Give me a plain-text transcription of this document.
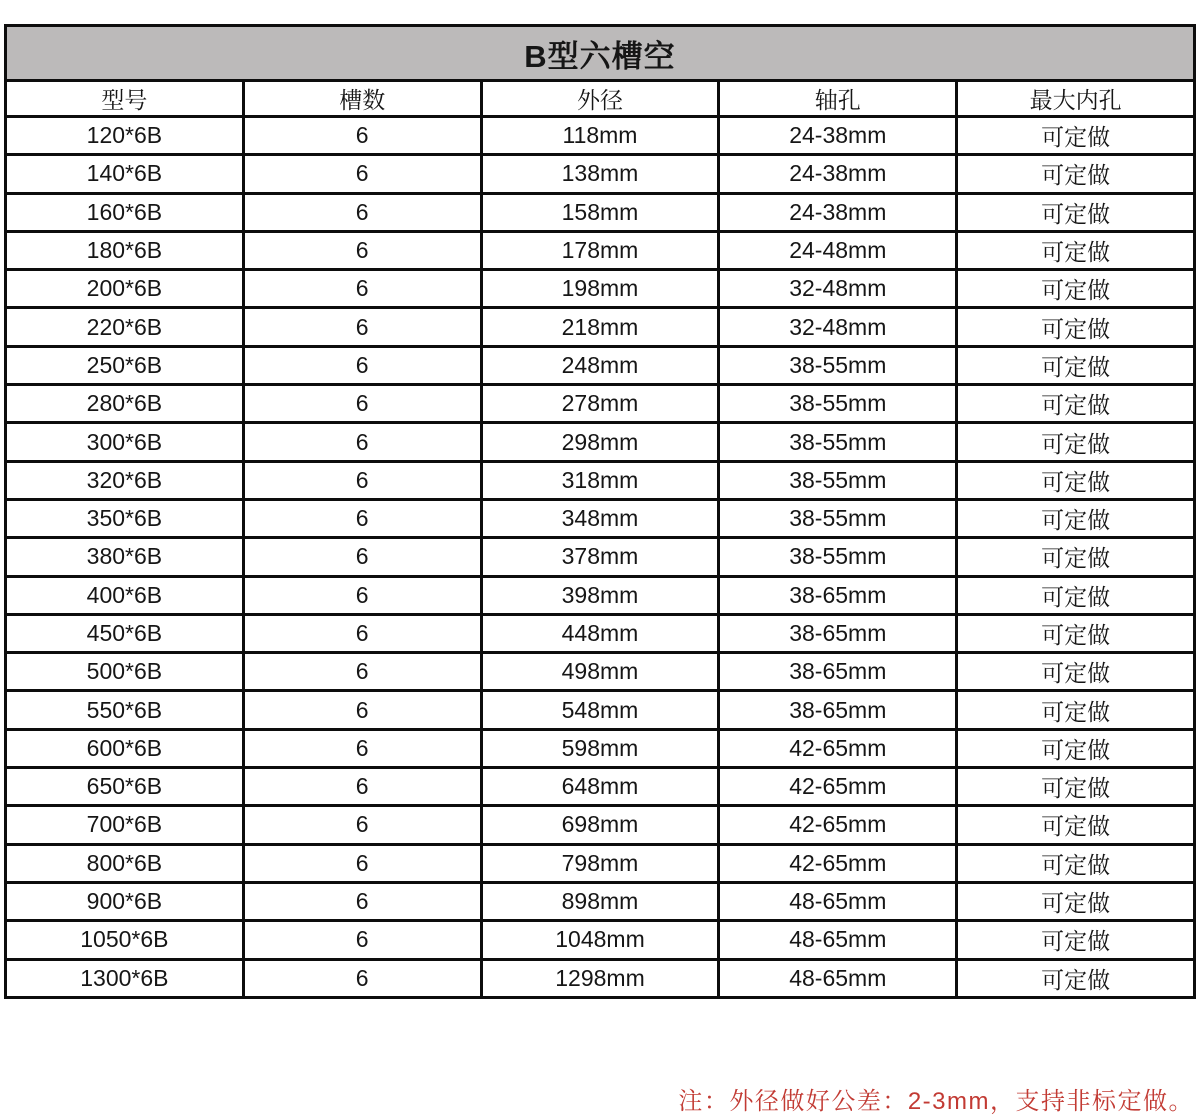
B型六槽空				
型号	槽数	外径	轴孔	最大内孔
120*6B	6	118mm	24-38mm	可定做
140*6B	6	138mm	24-38mm	可定做
160*6B	6	158mm	24-38mm	可定做
180*6B	6	178mm	24-48mm	可定做
200*6B	6	198mm	32-48mm	可定做
220*6B	6	218mm	32-48mm	可定做
250*6B	6	248mm	38-55mm	可定做
280*6B	6	278mm	38-55mm	可定做
300*6B	6	298mm	38-55mm	可定做
320*6B	6	318mm	38-55mm	可定做
350*6B	6	348mm	38-55mm	可定做
380*6B	6	378mm	38-55mm	可定做
400*6B	6	398mm	38-65mm	可定做
450*6B	6	448mm	38-65mm	可定做
500*6B	6	498mm	38-65mm	可定做
550*6B	6	548mm	38-65mm	可定做
600*6B	6	598mm	42-65mm	可定做
650*6B	6	648mm	42-65mm	可定做
700*6B	6	698mm	42-65mm	可定做
800*6B	6	798mm	42-65mm	可定做
900*6B	6	898mm	48-65mm	可定做
1050*6B	6	1048mm	48-65mm	可定做
1300*6B	6	1298mm	48-65mm	可定做
注：外径做好公差：2-3mm，支持非标定做。
